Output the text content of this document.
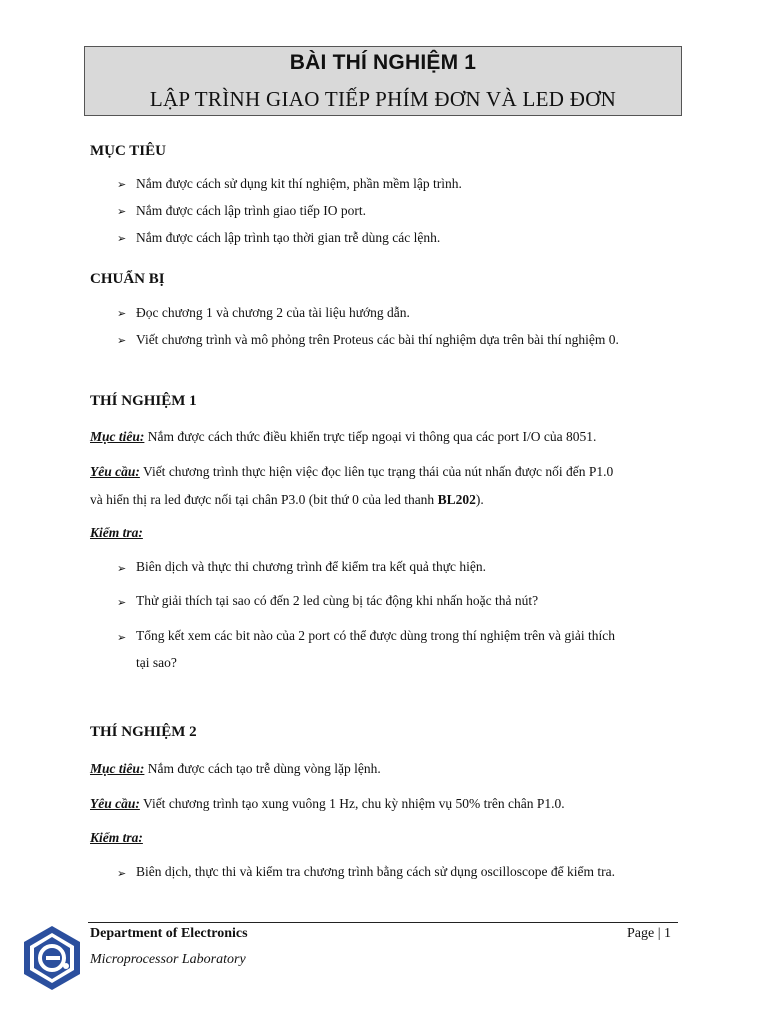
BÀI THÍ NGHIỆM 1
LẬP TRÌNH GIAO TIẾP PHÍM ĐƠN VÀ LED ĐƠN
MỤC TIÊU
➢ Nắm được cách sử dụng kit thí nghiệm, phần mềm lập trình.
➢ Nắm được cách lập trình giao tiếp IO port.
➢ Nắm được cách lập trình tạo thời gian trễ dùng các lệnh.
CHUẨN BỊ
➢ Đọc chương 1 và chương 2 của tài liệu hướng dẫn.
➢ Viết chương trình và mô phỏng trên Proteus các bài thí nghiệm dựa trên bài thí nghiệm 0.
THÍ NGHIỆM 1
Mục tiêu: Nắm được cách thức điều khiển trực tiếp ngoại vi thông qua các port I/O của 8051.
Yêu cầu: Viết chương trình thực hiện việc đọc liên tục trạng thái của nút nhấn được nối đến P1.0
và hiển thị ra led được nối tại chân P3.0 (bit thứ 0 của led thanh BL202).
Kiểm tra:
➢ Biên dịch và thực thi chương trình để kiểm tra kết quả thực hiện.
➢ Thử giải thích tại sao có đến 2 led cùng bị tác động khi nhấn hoặc thả nút?
➢ Tổng kết xem các bit nào của 2 port có thể được dùng trong thí nghiệm trên và giải thích
tại sao?
THÍ NGHIỆM 2
Mục tiêu: Nắm được cách tạo trễ dùng vòng lặp lệnh.
Yêu cầu: Viết chương trình tạo xung vuông 1 Hz, chu kỳ nhiệm vụ 50% trên chân P1.0.
Kiểm tra:
➢ Biên dịch, thực thi và kiểm tra chương trình bằng cách sử dụng oscilloscope để kiểm tra.
Department of Electronics
Microprocessor Laboratory
Page | 1
